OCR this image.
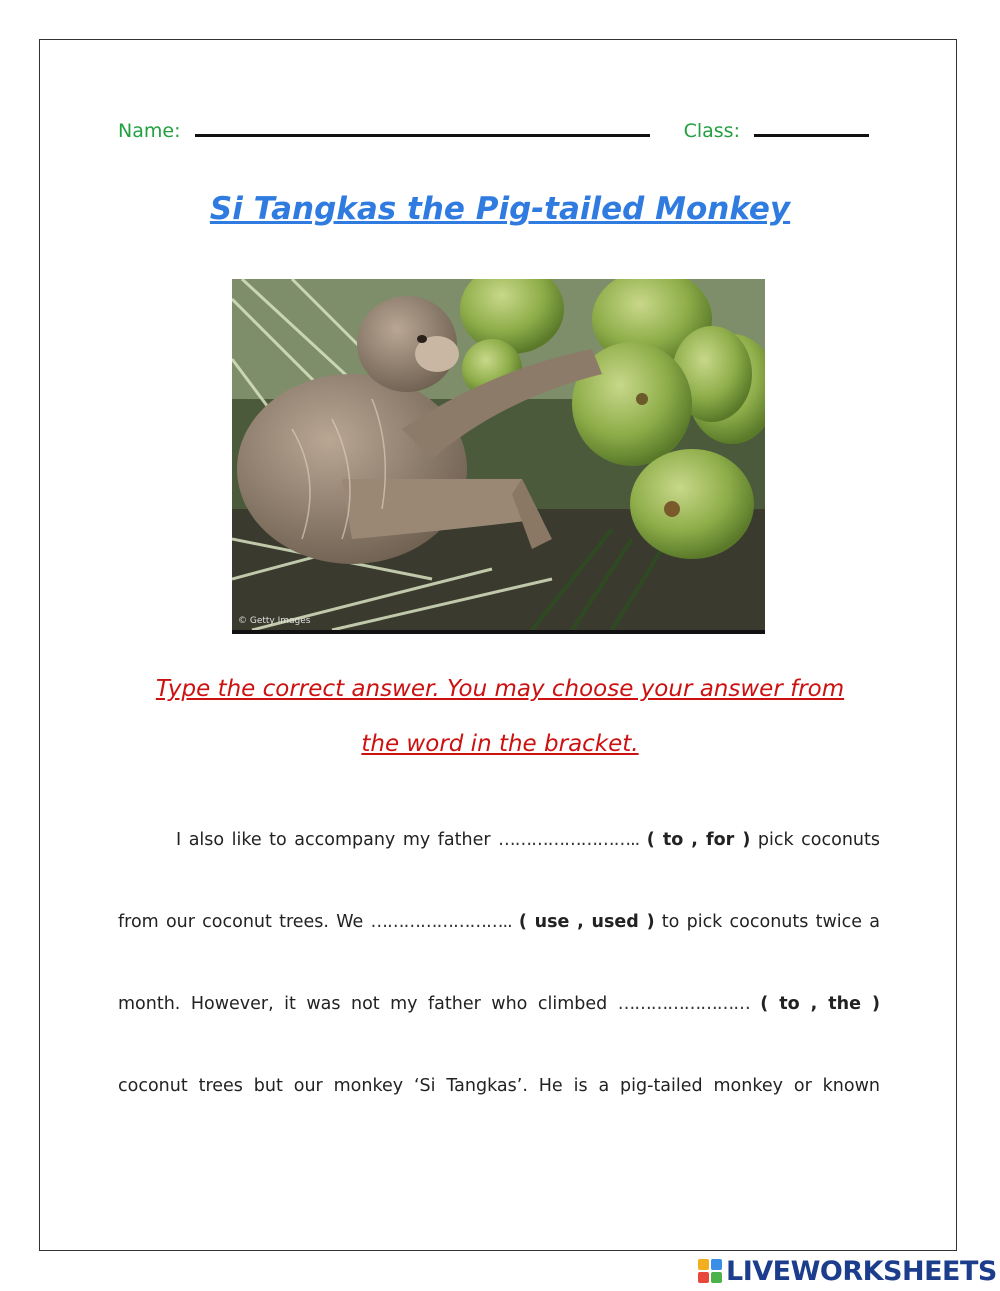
Name:	Class:
Si Tangkas the Pig-tailed Monkey
© Getty Images
Type the correct answer. You may choose your answer from
the word in the bracket.
I also like to accompany my father …………………….. ( to , for ) pick coconuts
from our coconut trees. We …………………….. ( use , used ) to pick coconuts twice a
month. However, it was not my father who climbed …………………… ( to , the )
coconut trees but our monkey ‘Si Tangkas’. He is a pig-tailed monkey or known
LIVEWORKSHEETS
